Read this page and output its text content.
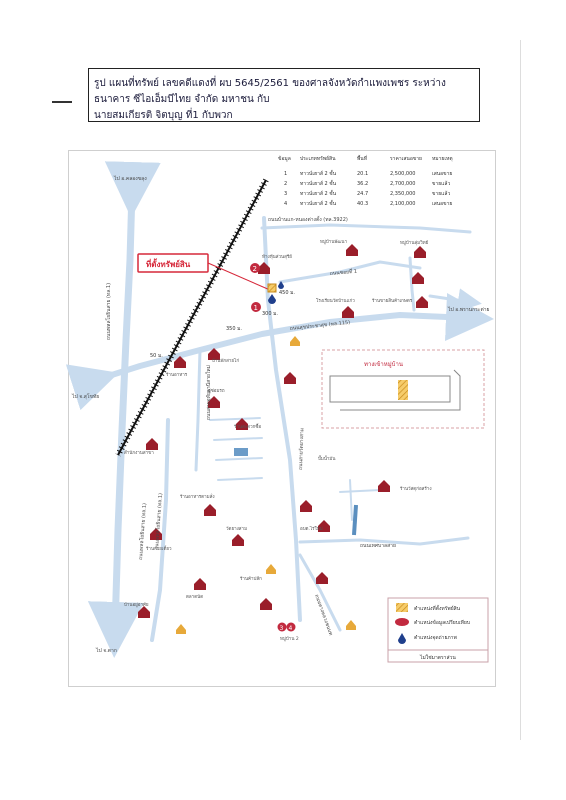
รูป แผนที่ทรัพย์ เลขคดีแดงที่ ผบ 5645/2561 ของศาลจังหวัดกำแพงเพชร ระหว่าง
ธนาคาร ซีไอเอ็มบีไทย จำกัด มหาชน กับ
นายสมเกียรติ จิตบุญ ที่1 กับพวก
ข้อมูล ประเภททรัพย์สิน	พื้นที่	ราคาเสนอขาย หมายเหตุ
1	ทาวน์เฮาส์ 2 ชั้น	20.1	2,500,000	เสนอขาย
2	ทาวน์เฮาส์ 2 ชั้น	36.2	2,700,000	ขายแล้ว
3	ทาวน์เฮาส์ 2 ชั้น	24.7	2,350,000	ขายแล้ว
4	ทาวน์เฮาส์ 2 ชั้น	40.3	2,100,000	เสนอขาย
ทางเข้าหมู่บ้าน
ที่ตั้งทรัพย์สิน	2
1
3 4
ถนนบ้านแก-หนองต่างตั้ง (ทล.3922)
ถนนสุขประชาสุข (ทล.115)
ถนนซอยที่ 1
ถนนเทศบาลสาย
ถนนพหลโยธินสาย (ทล.1)
ถนนสายอุทัยธานีสายใหม่
ถนนพหลโยธินสาย (ทล.1) ถนนพหลโยธินสาย (ทล.1)
ถนนสายวัดยางสาม
ถนนทางหลวงชนบท
ไป อ.คลองขลุง
ไป จ.สุโขทัย
ไป อ.พรานกระต่าย
ไป จ.ตาก
450 ม.
300 ม.
350 ม.
50 ม.
หมู่บ้านพัฒนา
ห้างหุ้นส่วนสุรีย์
หมู่บ้านลุ่มวิทย์
โรงเรียนวัดบ้านแก่ว	ร้านขายสินค้าเกษตร
บ้านพักสายไก่
ร้านอาหาร
อู่ซ่อมรถ
ร้านสะดวกซื้อ
สำนักงานสาขา
ปั๊มน้ำมัน
ร้านวัสดุก่อสร้าง
ร้านอาหารตามสั่ง
วัดยางสาม
ร้านก๋วยเตี๋ยว
อบต.ไร่ใหม่
ร้านค้าปลีก
ตลาดนัด
บ้านอยู่อาศัย
หมู่บ้าน 2
ตำแหน่งที่ตั้งทรัพย์สิน
ตำแหน่งข้อมูลเปรียบเทียบ
ตำแหน่งจุดถ่ายภาพ
ไม่ใช่มาตราส่วน
